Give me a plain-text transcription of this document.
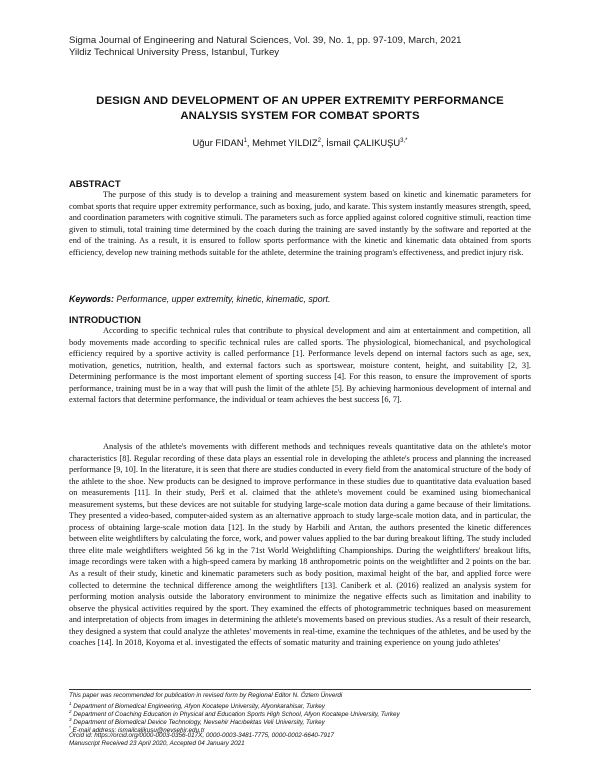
Sigma Journal of Engineering and Natural Sciences, Vol. 39, No. 1, pp. 97-109, March, 2021
Yildiz Technical University Press, Istanbul, Turkey
DESIGN AND DEVELOPMENT OF AN UPPER EXTREMITY PERFORMANCE
ANALYSIS SYSTEM FOR COMBAT SPORTS
Uğur FIDAN$^1$, Mehmet YILDIZ$^2$, İsmail $ÇALIKUŞU^{3,*}$
ABSTRACT

The purpose of this study is to develop a training and measurement system based on kinetic and kinematic parameters for combat sports that require upper extremity performance, such as boxing, judo, and karate. This system instantly measures strength, speed, and coordination parameters with cognitive stimuli. The parameters such as force applied against colored cognitive stimuli, reaction time given to stimuli, total training time determined by the coach during the training are saved instantly by the software and reported at the end of the training. As a result, it is ensured to follow sports performance with the kinetic and kinematic data obtained from sports efficiency, develop new training methods suitable for the athlete, determine the training program's effectiveness, and predict injury risk.

Keywords: Performance, upper extremity, kinetic, kinematic, sport.
INTRODUCTION

According to specific technical rules that contribute to physical development and aim at entertainment and competition, all body movements made according to specific technical rules are called sports. The physiological, biomechanical, and psychological efficiency required by a sportive activity is called performance [1]. Performance levels depend on internal factors such as age, sex, motivation, genetics, nutrition, health, and external factors such as sportswear, moisture content, height, and suitability [2, 3]. Determining performance is the most important element of sporting success [4]. For this reason, to ensure the improvement of sports performance, training must be in a way that will push the limit of the athlete [5]. By achieving harmonious development of internal and external factors that determine performance, the individual or team achieves the best success [6, 7].

Analysis of the athlete's movements with different methods and techniques reveals quantitative data on the athlete's motor characteristics [8]. Regular recording of these data plays an essential role in developing the athlete's process and planning the increased performance [9, 10]. In the literature, it is seen that there are studies conducted in every field from the anatomical structure of the body of the athlete to the shoe. New products can be designed to improve performance in these studies due to quantitative data evaluation based on measurements [11]. In their study, Perš et al. claimed that the athlete's movement could be examined using biomechanical measurement systems, but these devices are not suitable for studying large-scale motion data during a game because of their limitations. They presented a video-based, computer-aided system as an alternative approach to study large-scale motion data, and in particular, the process of obtaining large-scale motion data [12]. In the study by Harbili and Arıtan, the authors presented the kinetic differences between elite weightlifters by calculating the force, work, and power values applied to the bar during breakout lifting. The study included three elite male weightlifters weighted 56 kg in the 71st World Weightlifting Championships. During the weightlifters' breakout lifts, image recordings were taken with a high-speed camera by marking 18 anthropometric points on the weightlifter and 2 points on the bar. As a result of their study, kinetic and kinematic parameters such as body position, maximal height of the bar, and applied force were collected to determine the technical difference among the weightlifters [13]. Caniberk et al. (2016) realized an analysis system for performing motion analysis outside the laboratory environment to minimize the negative effects such as limitation and inability to observe the physical activities required by the sport. They examined the effects of photogrammetric techniques based on measurement and interpretation of objects from images in determining the athlete's movements based on previous studies. As a result of their research, they designed a system that could analyze the athletes' movements in real-time, examine the techniques of the athletes, and be used by the coaches [14]. In 2018, Koyoma et al. investigated the effects of somatic maturity and training experience on young judo athletes'

This paper was recommended for publication in revised form by Regional Editor N. Özlem Ünverdi
$^1$ Department of Biomedical Engineering, Afyon Kocatepe University, Afyonkarahisar, Turkey
$^2$ Department of Coaching Education in Physical and Education Sports High School, Afyon Kocatepe University, Turkey
$^3$ Department of Biomedical Device Technology, Nevsehir Hacıbektas Veli University, Turkey
* E-mail address: ismailcalikusu@nevsehir.edu.tr
Orcid id: https://orcid.org/0000-0003-0356-017X, 0000-0003-3481-7775, 0000-0002-6640-7917
Manuscript Received 23 April 2020, Accepted 04 January 2021
